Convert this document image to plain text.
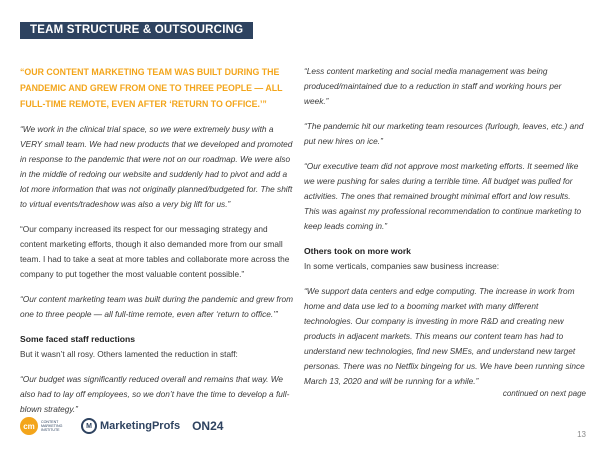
TEAM STRUCTURE & OUTSOURCING

“OUR CONTENT MARKETING TEAM WAS BUILT DURING THE PANDEMIC AND GREW FROM ONE TO THREE PEOPLE — ALL FULL-TIME REMOTE, EVEN AFTER ‘RETURN TO OFFICE.’”

“We work in the clinical trial space, so we were extremely busy with a VERY small team. We had new products that we developed and promoted in response to the pandemic that were not on our roadmap. We were also in the middle of redoing our website and suddenly had to pivot and add a lot more information that was not originally planned/budgeted for. The shift to virtual events/tradeshow was also a very big lift for us.”

“Our company increased its respect for our messaging strategy and content marketing efforts, though it also demanded more from our small team. I had to take a seat at more tables and collaborate more across the company to put together the most valuable content possible.”

“Our content marketing team was built during the pandemic and grew from one to three people — all full-time remote, even after ‘return to office.’”

Some faced staff reductions

But it wasn’t all rosy. Others lamented the reduction in staff:

“Our budget was significantly reduced overall and remains that way. We also had to lay off employees, so we don’t have the time to develop a full-blown strategy.”

“Less content marketing and social media management was being produced/maintained due to a reduction in staff and working hours per week.”

“The pandemic hit our marketing team resources (furlough, leaves, etc.) and put new hires on ice.”

“Our executive team did not approve most marketing efforts. It seemed like we were pushing for sales during a terrible time. All budget was pulled for activities. The ones that remained brought minimal effort and low results. This was against my professional recommendation to continue marketing to keep leads coming in.”

Others took on more work

In some verticals, companies saw business increase:

“We support data centers and edge computing. The increase in work from home and data use led to a booming market with many different technologies. Our company is investing in more R&D and creating new products in adjacent markets. This means our content team has had to understand new technologies, find new SMEs, and understand new target personas. There was no Netflix bingeing for us. We have been running since March 13, 2020 and will be running for a while.”

continued on next page
cm	CONTENT MARKETING INSTITUTE
M MarketingProfs ON24
13
